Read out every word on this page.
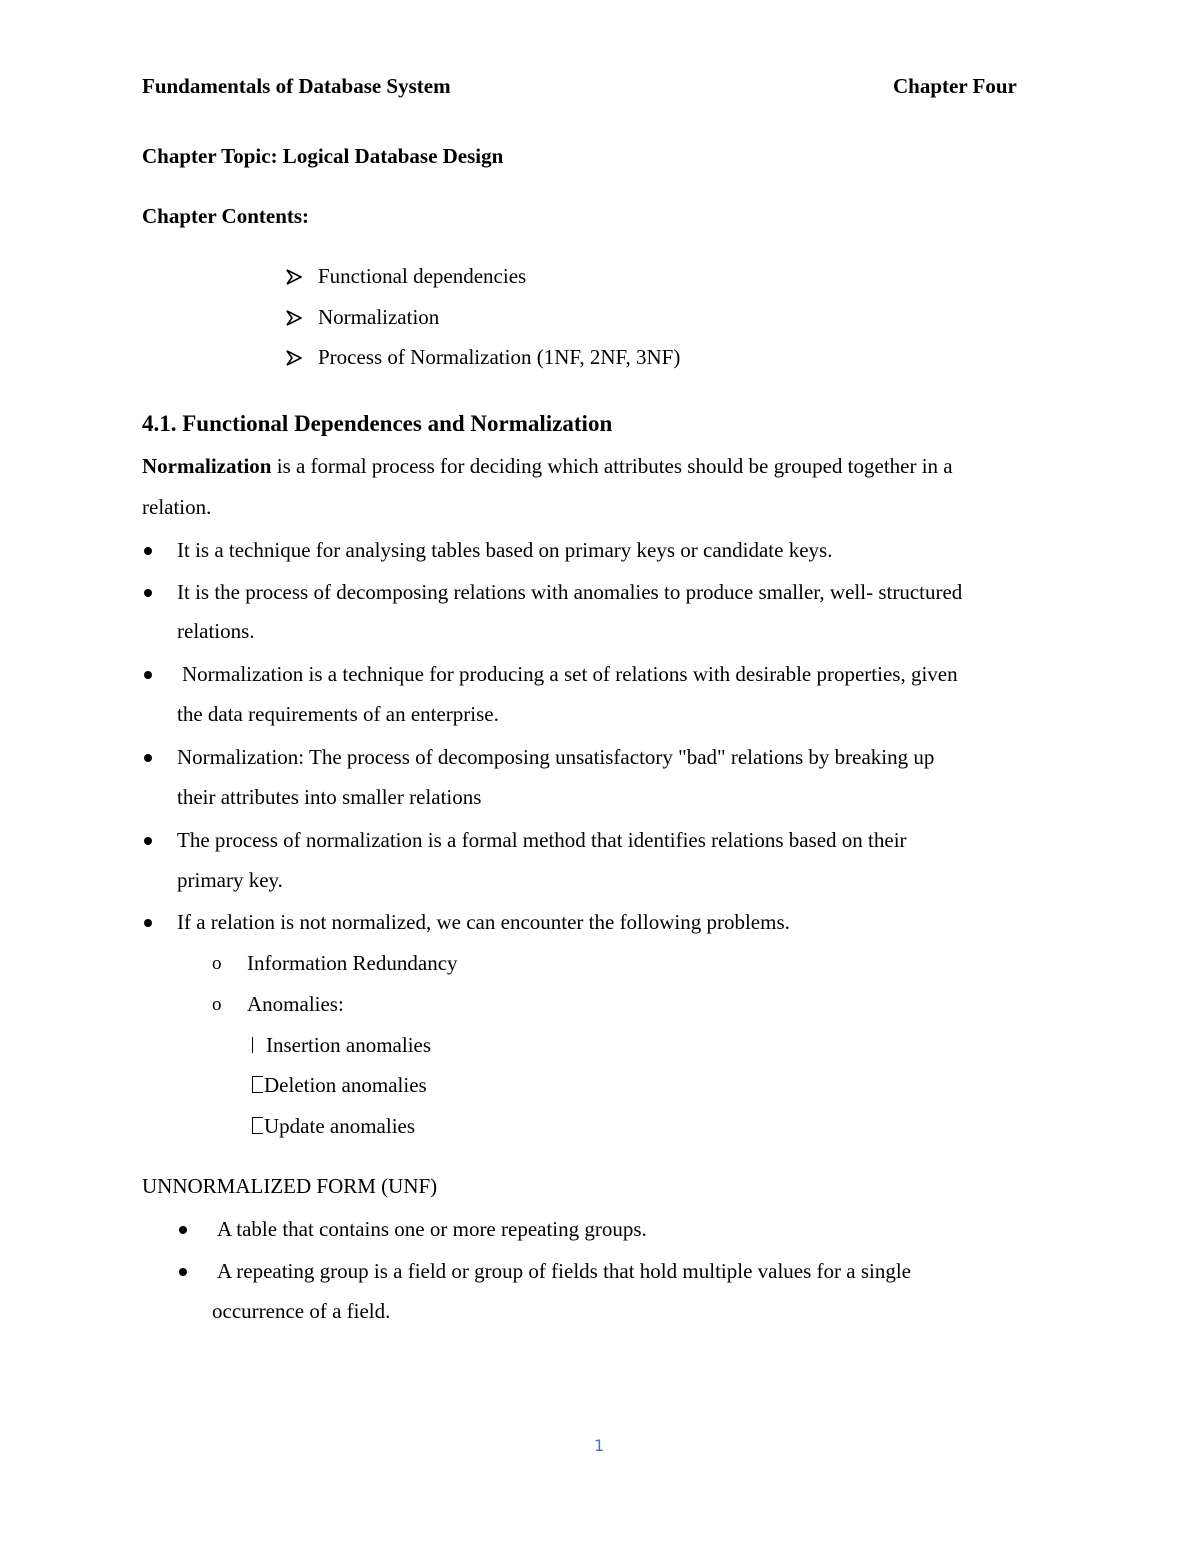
Fundamentals of Database System	Chapter Four
Chapter Topic: Logical Database Design
Chapter Contents:
Functional dependencies
Normalization
Process of Normalization (1NF, 2NF, 3NF)
4.1. Functional Dependences and Normalization
Normalization is a formal process for deciding which attributes should be grouped together in a
relation.
It is a technique for analysing tables based on primary keys or candidate keys.
It is the process of decomposing relations with anomalies to produce smaller, well- structured
relations.
Normalization is a technique for producing a set of relations with desirable properties, given
the data requirements of an enterprise.
Normalization: The process of decomposing unsatisfactory "bad" relations by breaking up
their attributes into smaller relations
The process of normalization is a formal method that identifies relations based on their
primary key.
If a relation is not normalized, we can encounter the following problems.
o Information Redundancy
o Anomalies:
Insertion anomalies
Deletion anomalies
Update anomalies
UNNORMALIZED FORM (UNF)
A table that contains one or more repeating groups.
A repeating group is a field or group of fields that hold multiple values for a single
occurrence of a field.
1
